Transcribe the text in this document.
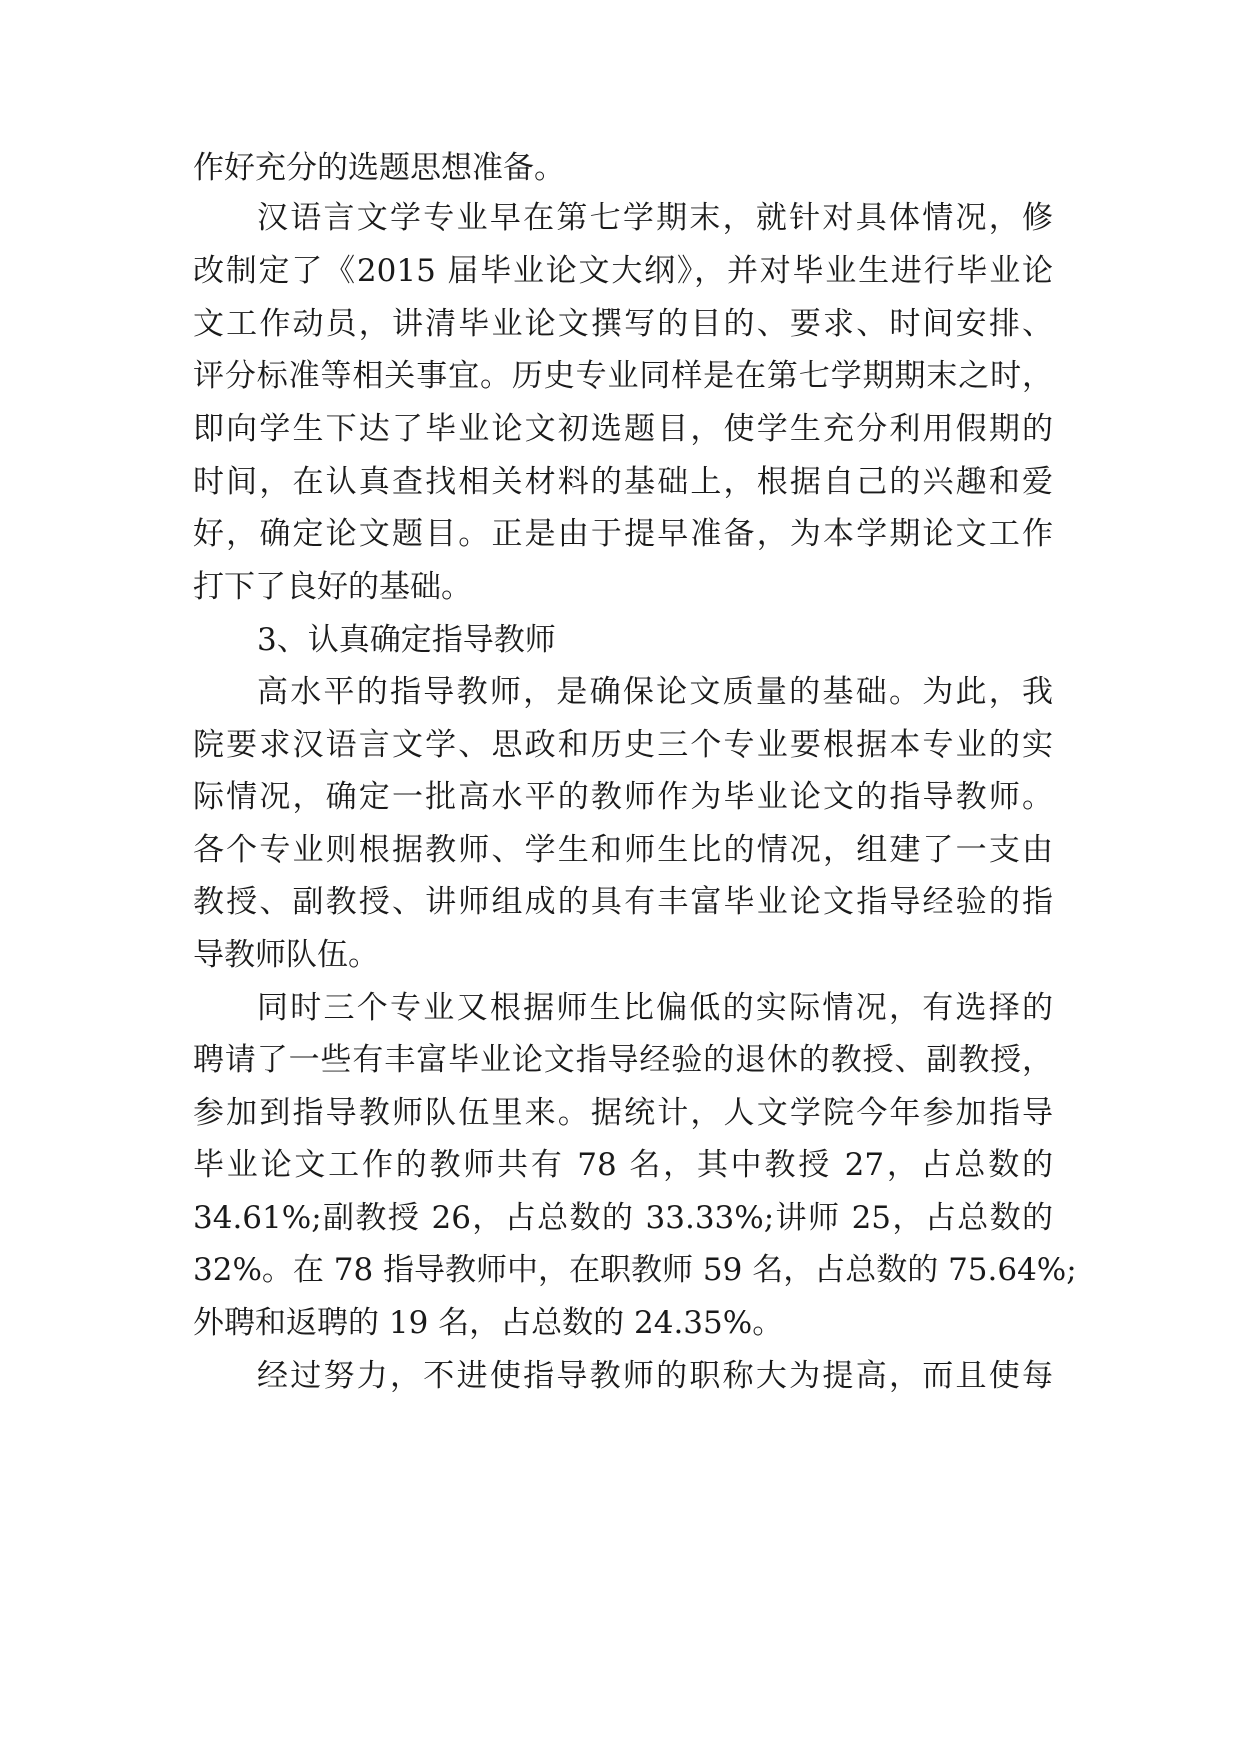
作好充分的选题思想准备。
汉语言文学专业早在第七学期末，就针对具体情况，修
改制定了《2015 届毕业论文大纲》，并对毕业生进行毕业论
文工作动员，讲清毕业论文撰写的目的、要求、时间安排、
评分标准等相关事宜。历史专业同样是在第七学期期末之时，
即向学生下达了毕业论文初选题目，使学生充分利用假期的
时间，在认真查找相关材料的基础上，根据自己的兴趣和爱
好，确定论文题目。正是由于提早准备，为本学期论文工作
打下了良好的基础。
3、认真确定指导教师
高水平的指导教师，是确保论文质量的基础。为此，我
院要求汉语言文学、思政和历史三个专业要根据本专业的实
际情况，确定一批高水平的教师作为毕业论文的指导教师。
各个专业则根据教师、学生和师生比的情况，组建了一支由
教授、副教授、讲师组成的具有丰富毕业论文指导经验的指
导教师队伍。
同时三个专业又根据师生比偏低的实际情况，有选择的
聘请了一些有丰富毕业论文指导经验的退休的教授、副教授，
参加到指导教师队伍里来。据统计，人文学院今年参加指导
毕业论文工作的教师共有 78 名，其中教授 27，占总数的
34.61%;副教授 26，占总数的 33.33%;讲师 25，占总数的
32%。在 78 指导教师中，在职教师 59 名，占总数的 75.64%;
外聘和返聘的 19 名，占总数的 24.35%。
经过努力，不进使指导教师的职称大为提高，而且使每
